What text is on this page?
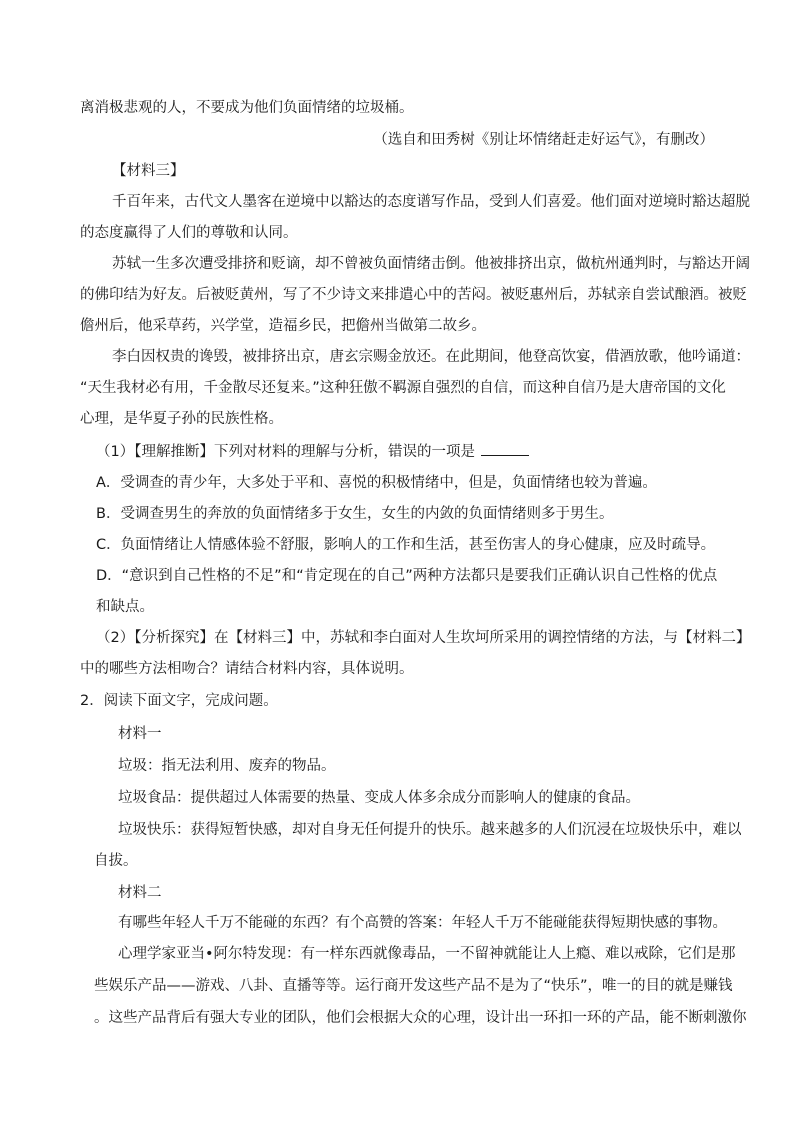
离消极悲观的人，不要成为他们负面情绪的垃圾桶。
（选自和田秀树《别让坏情绪赶走好运气》，有删改）
【材料三】
千百年来，古代文人墨客在逆境中以豁达的态度谱写作品，受到人们喜爱。他们面对逆境时豁达超脱
的态度赢得了人们的尊敬和认同。
苏轼一生多次遭受排挤和贬谪，却不曾被负面情绪击倒。他被排挤出京，做杭州通判时，与豁达开阔
的佛印结为好友。后被贬黄州，写了不少诗文来排遣心中的苦闷。被贬惠州后，苏轼亲自尝试酿酒。被贬
儋州后，他采草药，兴学堂，造福乡民，把儋州当做第二故乡。
李白因权贵的谗毁，被排挤出京，唐玄宗赐金放还。在此期间，他登高饮宴，借酒放歌，他吟诵道：
“天生我材必有用，千金散尽还复来。”这种狂傲不羁源自强烈的自信，而这种自信乃是大唐帝国的文化
心理，是华夏子孙的民族性格。
（1）【理解推断】下列对材料的理解与分析，错误的一项是
A．受调查的青少年，大多处于平和、喜悦的积极情绪中，但是，负面情绪也较为普遍。
B．受调查男生的奔放的负面情绪多于女生，女生的内敛的负面情绪则多于男生。
C．负面情绪让人情感体验不舒服，影响人的工作和生活，甚至伤害人的身心健康，应及时疏导。
D．“意识到自己性格的不足”和“肯定现在的自己”两种方法都只是要我们正确认识自己性格的优点
和缺点。
（2）【分析探究】在【材料三】中，苏轼和李白面对人生坎坷所采用的调控情绪的方法，与【材料二】
中的哪些方法相吻合？请结合材料内容，具体说明。
2．阅读下面文字，完成问题。
材料一
垃圾：指无法利用、废弃的物品。
垃圾食品：提供超过人体需要的热量、变成人体多余成分而影响人的健康的食品。
垃圾快乐：获得短暂快感，却对自身无任何提升的快乐。越来越多的人们沉浸在垃圾快乐中，难以
自拔。
材料二
有哪些年轻人千万不能碰的东西？有个高赞的答案：年轻人千万不能碰能获得短期快感的事物。
心理学家亚当•阿尔特发现：有一样东西就像毒品，一不留神就能让人上瘾、难以戒除，它们是那
些娱乐产品——游戏、八卦、直播等等。运行商开发这些产品不是为了“快乐”，唯一的目的就是赚钱
。这些产品背后有强大专业的团队，他们会根据大众的心理，设计出一环扣一环的产品，能不断刺激你
